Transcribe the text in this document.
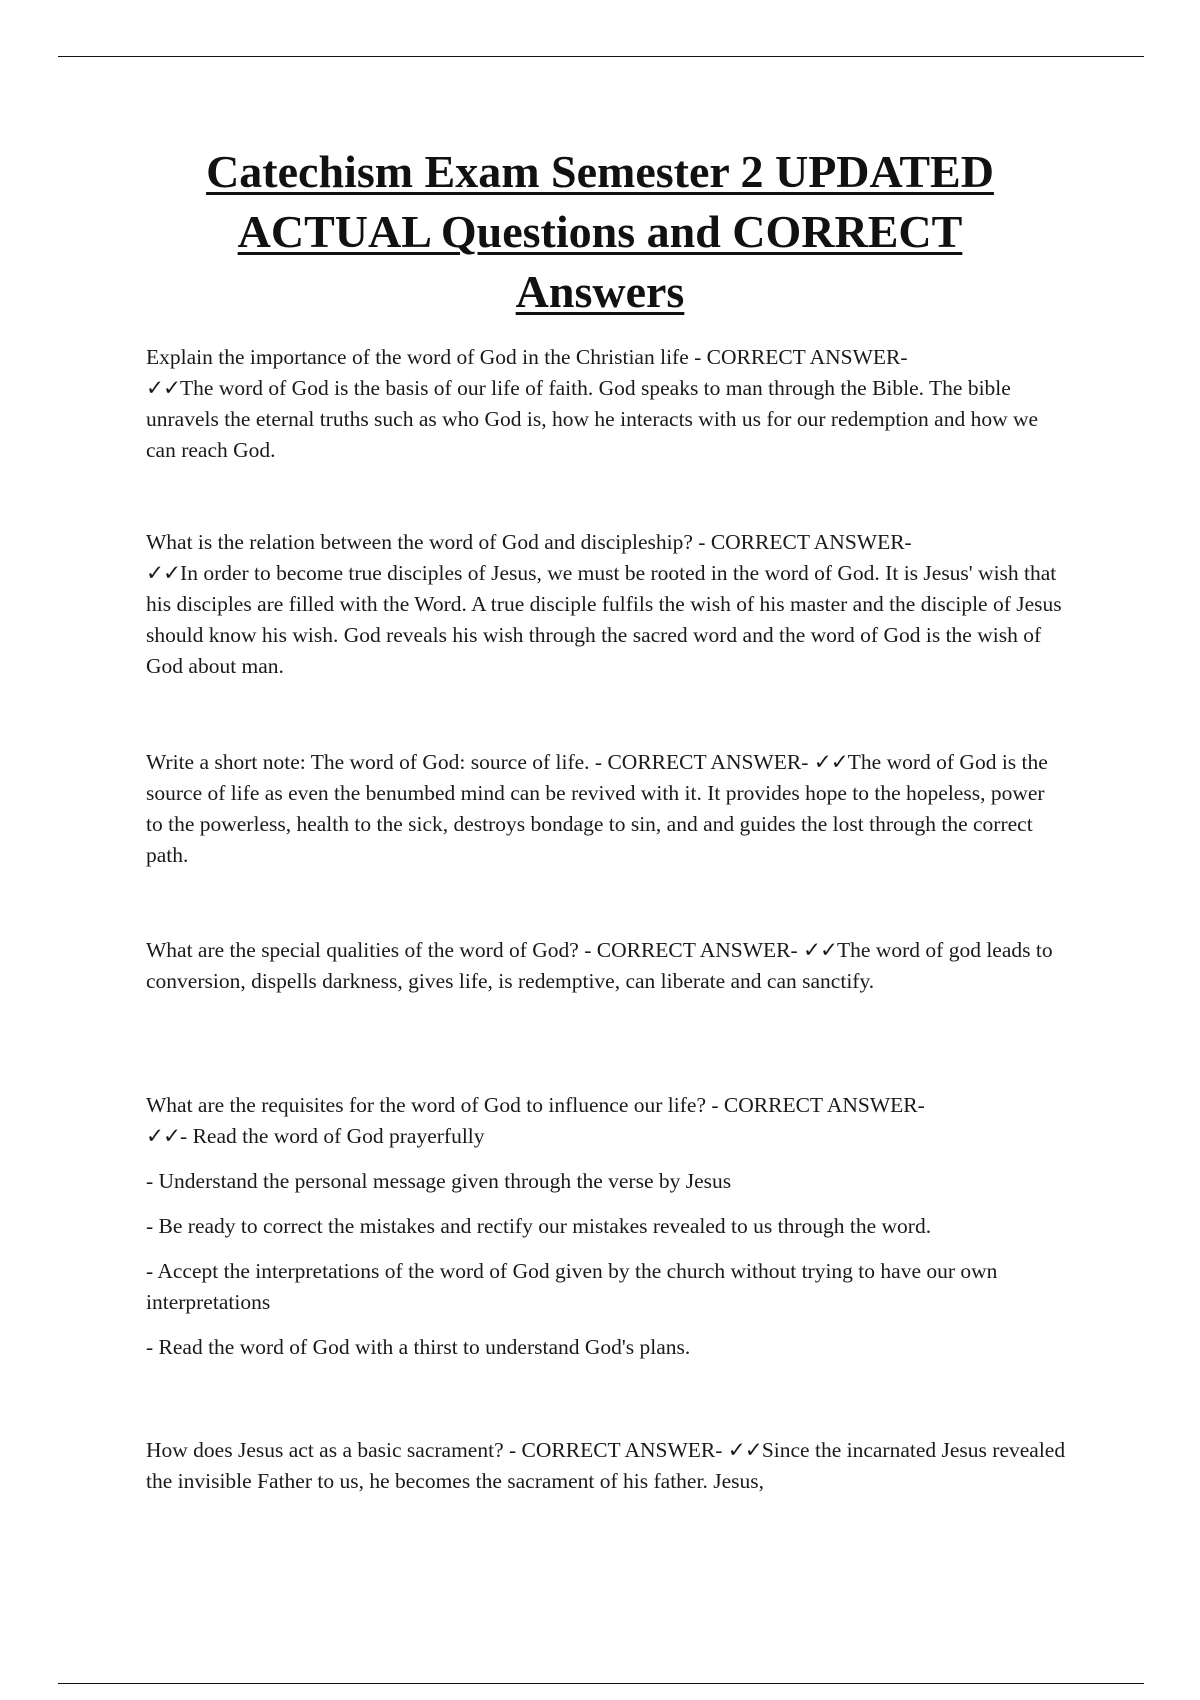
Catechism Exam Semester 2 UPDATED
ACTUAL Questions and CORRECT
Answers

Explain the importance of the word of God in the Christian life - CORRECT ANSWER-
✓✓The word of God is the basis of our life of faith. God speaks to man through the Bible. The bible unravels the eternal truths such as who God is, how he interacts with us for our redemption and how we can reach God.

What is the relation between the word of God and discipleship? - CORRECT ANSWER-
✓✓In order to become true disciples of Jesus, we must be rooted in the word of God. It is Jesus' wish that his disciples are filled with the Word. A true disciple fulfils the wish of his master and the disciple of Jesus should know his wish. God reveals his wish through the sacred word and the word of God is the wish of God about man.

Write a short note: The word of God: source of life. - CORRECT ANSWER- ✓✓The word of God is the source of life as even the benumbed mind can be revived with it. It provides hope to the hopeless, power to the powerless, health to the sick, destroys bondage to sin, and and guides the lost through the correct path.

What are the special qualities of the word of God? - CORRECT ANSWER- ✓✓The word of god leads to conversion, dispells darkness, gives life, is redemptive, can liberate and can sanctify.

What are the requisites for the word of God to influence our life? - CORRECT ANSWER-
✓✓- Read the word of God prayerfully

- Understand the personal message given through the verse by Jesus

- Be ready to correct the mistakes and rectify our mistakes revealed to us through the word.

- Accept the interpretations of the word of God given by the church without trying to have our own interpretations

- Read the word of God with a thirst to understand God's plans.

How does Jesus act as a basic sacrament? - CORRECT ANSWER- ✓✓Since the incarnated Jesus revealed the invisible Father to us, he becomes the sacrament of his father. Jesus,
